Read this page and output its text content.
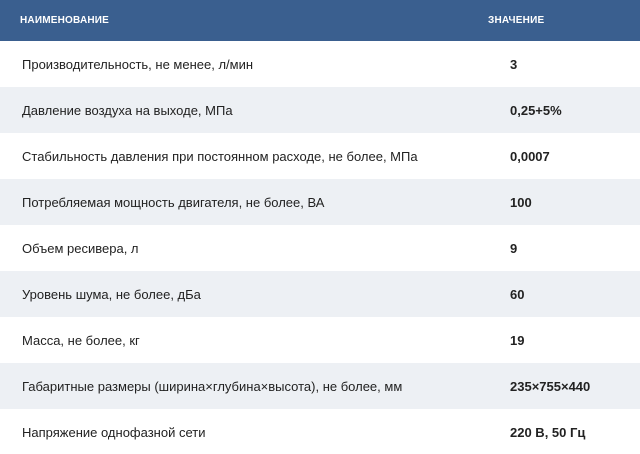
НАИМЕНОВАНИЕ	ЗНАЧЕНИЕ
Производительность, не менее, л/мин	3
Давление воздуха на выходе, МПа	0,25+5%
Стабильность давления при постоянном расходе, не более, МПа	0,0007
Потребляемая мощность двигателя, не более, ВА	100
Объем ресивера, л	9
Уровень шума, не более, дБа	60
Масса, не более, кг	19
Габаритные размеры (ширина×глубина×высота), не более, мм	235×755×440
Напряжение однофазной сети	220 В, 50 Гц
